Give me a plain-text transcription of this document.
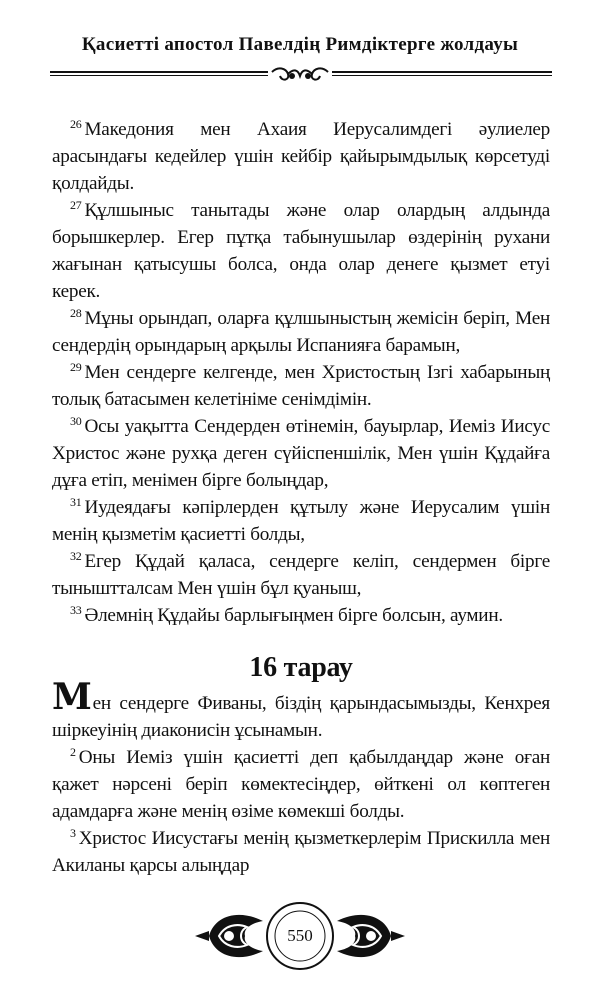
Қасиетті апостол Павелдің Римдіктерге жолдауы

$^{26}$ Македония мен Ахаия Иерусалимдегі әулиелер арасындағы кедейлер үшін кейбір қайырымдылық көрсетуді қолдайды.

$^{27}$ Құлшыныс танытады және олар олардың алдында борышкерлер. Егер пұтқа табынушылар өздерінің рухани жағынан қатысушы болса, онда олар денеге қызмет етуі керек.

$^{28}$ Мұны орындап, оларға құлшыныстың жемісін беріп, Мен сендердің орындарың арқылы Испанияға барамын,

$^{29}$ Мен сендерге келгенде, мен Христостың Ізгі хабарының толық батасымен келетініме сенімдімін.

$^{30}$ Осы уақытта Сендерден өтінемін, бауырлар, Иеміз Иисус Христос және рухқа деген сүйіспеншілік, Мен үшін Құдайға дұға етіп, менімен бірге болыңдар,

$^{31}$ Иудеядағы кәпірлерден құтылу және Иерусалим үшін менің қызметім қасиетті болды,

$^{32}$ Егер Құдай қаласа, сендерге келіп, сендермен бірге тыныштталсам Мен үшін бұл қуаныш,

$^{33}$ Әлемнің Құдайы барлығыңмен бірге болсын, аумин.

16 тарау

Мен сендерге Фиваны, біздің қарындасымызды, Кенхрея шіркеуінің диаконисін ұсынамын.

$^2$ Оны Иеміз үшін қасиетті деп қабылдаңдар және оған қажет нәрсені беріп көмектесіңдер, өйткені ол көптеген адамдарға және менің өзіме көмекші болды.

$^3$ Христос Иисустағы менің қызметкерлерім Прискилла мен Акиланы қарсы алыңдар

550
